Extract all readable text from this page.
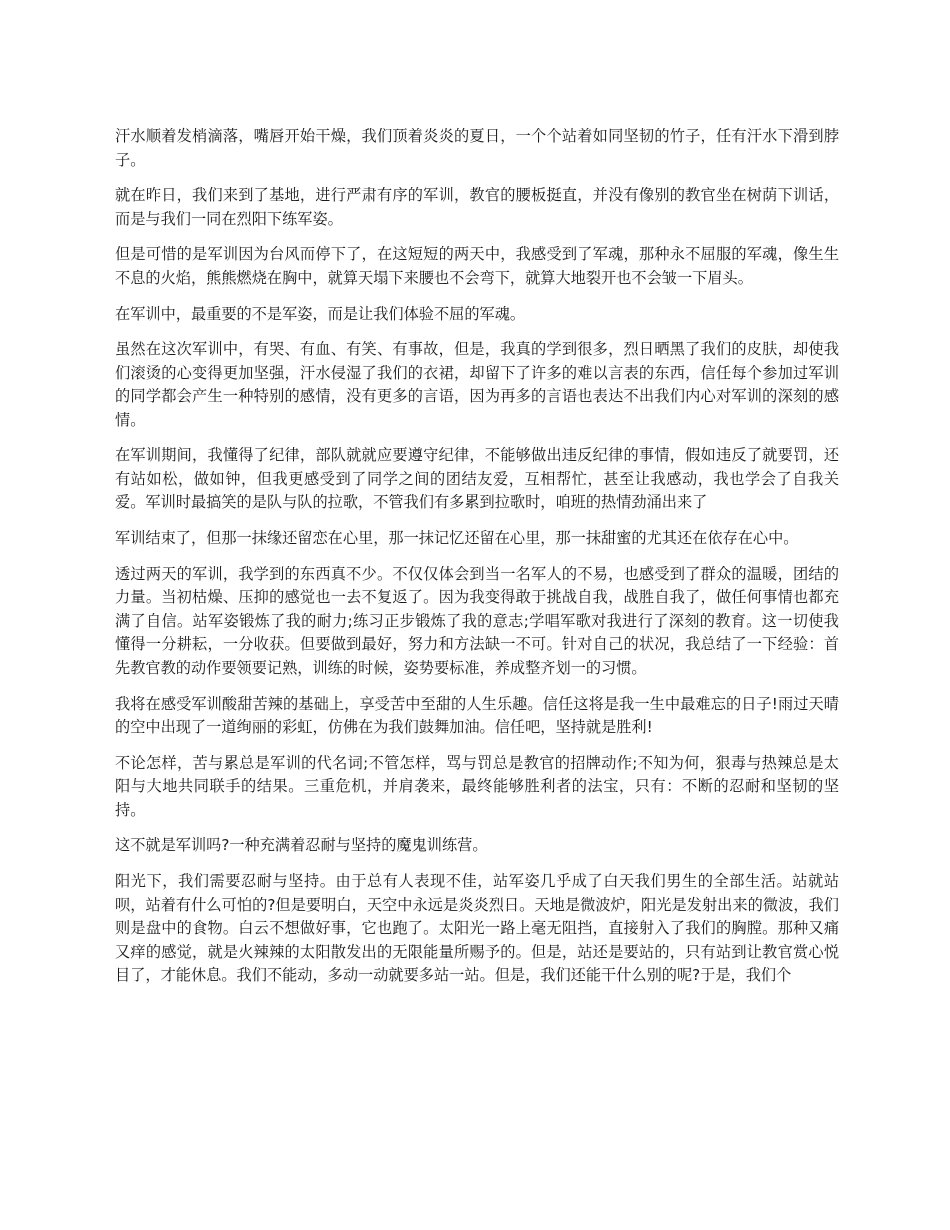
汗水顺着发梢滴落，嘴唇开始干燥，我们顶着炎炎的夏日，一个个站着如同坚韧的竹子，任有汗水下滑到脖子。

就在昨日，我们来到了基地，进行严肃有序的军训，教官的腰板挺直，并没有像别的教官坐在树荫下训话，而是与我们一同在烈阳下练军姿。

但是可惜的是军训因为台风而停下了，在这短短的两天中，我感受到了军魂，那种永不屈服的军魂，像生生不息的火焰，熊熊燃烧在胸中，就算天塌下来腰也不会弯下，就算大地裂开也不会皱一下眉头。

在军训中，最重要的不是军姿，而是让我们体验不屈的军魂。

虽然在这次军训中，有哭、有血、有笑、有事故，但是，我真的学到很多，烈日晒黑了我们的皮肤，却使我们滚烫的心变得更加坚强，汗水侵湿了我们的衣裙，却留下了许多的难以言表的东西，信任每个参加过军训的同学都会产生一种特别的感情，没有更多的言语，因为再多的言语也表达不出我们内心对军训的深刻的感情。

在军训期间，我懂得了纪律，部队就就应要遵守纪律，不能够做出违反纪律的事情，假如违反了就要罚，还有站如松，做如钟，但我更感受到了同学之间的团结友爱，互相帮忙，甚至让我感动，我也学会了自我关爱。军训时最搞笑的是队与队的拉歌，不管我们有多累到拉歌时，咱班的热情劲涌出来了

军训结束了，但那一抹缘还留恋在心里，那一抹记忆还留在心里，那一抹甜蜜的尤其还在依存在心中。

透过两天的军训，我学到的东西真不少。不仅仅体会到当一名军人的不易，也感受到了群众的温暖，团结的力量。当初枯燥、压抑的感觉也一去不复返了。因为我变得敢于挑战自我，战胜自我了，做任何事情也都充满了自信。站军姿锻炼了我的耐力;练习正步锻炼了我的意志;学唱军歌对我进行了深刻的教育。这一切使我懂得一分耕耘，一分收获。但要做到最好，努力和方法缺一不可。针对自己的状况，我总结了一下经验：首先教官教的动作要领要记熟，训练的时候，姿势要标准，养成整齐划一的习惯。

我将在感受军训酸甜苦辣的基础上，享受苦中至甜的人生乐趣。信任这将是我一生中最难忘的日子!雨过天晴的空中出现了一道绚丽的彩虹，仿佛在为我们鼓舞加油。信任吧，坚持就是胜利!

不论怎样，苦与累总是军训的代名词;不管怎样，骂与罚总是教官的招牌动作;不知为何，狠毒与热辣总是太阳与大地共同联手的结果。三重危机，并肩袭来，最终能够胜利者的法宝，只有：不断的忍耐和坚韧的坚持。

这不就是军训吗?一种充满着忍耐与坚持的魔鬼训练营。

阳光下，我们需要忍耐与坚持。由于总有人表现不佳，站军姿几乎成了白天我们男生的全部生活。站就站呗，站着有什么可怕的?但是要明白，天空中永远是炎炎烈日。天地是微波炉，阳光是发射出来的微波，我们则是盘中的食物。白云不想做好事，它也跑了。太阳光一路上毫无阻挡，直接射入了我们的胸膛。那种又痛又痒的感觉，就是火辣辣的太阳散发出的无限能量所赐予的。但是，站还是要站的，只有站到让教官赏心悦目了，才能休息。我们不能动，多动一动就要多站一站。但是，我们还能干什么别的呢?于是，我们个
